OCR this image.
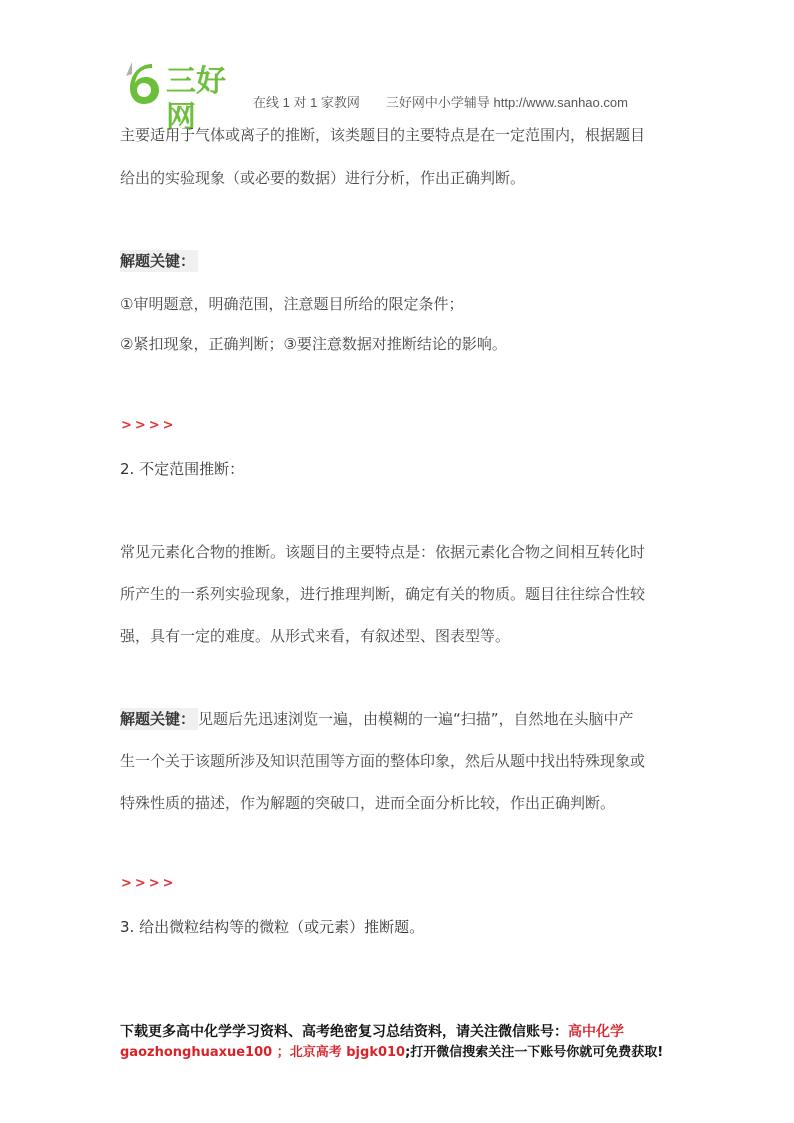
三好网	在线 1 对 1 家教网 三好网中小学辅导 http://www.sanhao.com
主要适用于气体或离子的推断，该类题目的主要特点是在一定范围内，根据题目
给出的实验现象（或必要的数据）进行分析，作出正确判断。
解题关键：
①审明题意，明确范围，注意题目所给的限定条件；
②紧扣现象，正确判断；③要注意数据对推断结论的影响。
>>>>
2. 不定范围推断：
常见元素化合物的推断。该题目的主要特点是：依据元素化合物之间相互转化时
所产生的一系列实验现象，进行推理判断，确定有关的物质。题目往往综合性较
强，具有一定的难度。从形式来看，有叙述型、图表型等。
解题关键： 见题后先迅速浏览一遍，由模糊的一遍“扫描”，自然地在头脑中产
生一个关于该题所涉及知识范围等方面的整体印象，然后从题中找出特殊现象或
特殊性质的描述，作为解题的突破口，进而全面分析比较，作出正确判断。
>>>>
3. 给出微粒结构等的微粒（或元素）推断题。
下载更多高中化学学习资料、高考绝密复习总结资料，请关注微信账号：高中化学
gaozhonghuaxue100 ；北京高考 bjgk010;打开微信搜索关注一下账号你就可免费获取!
